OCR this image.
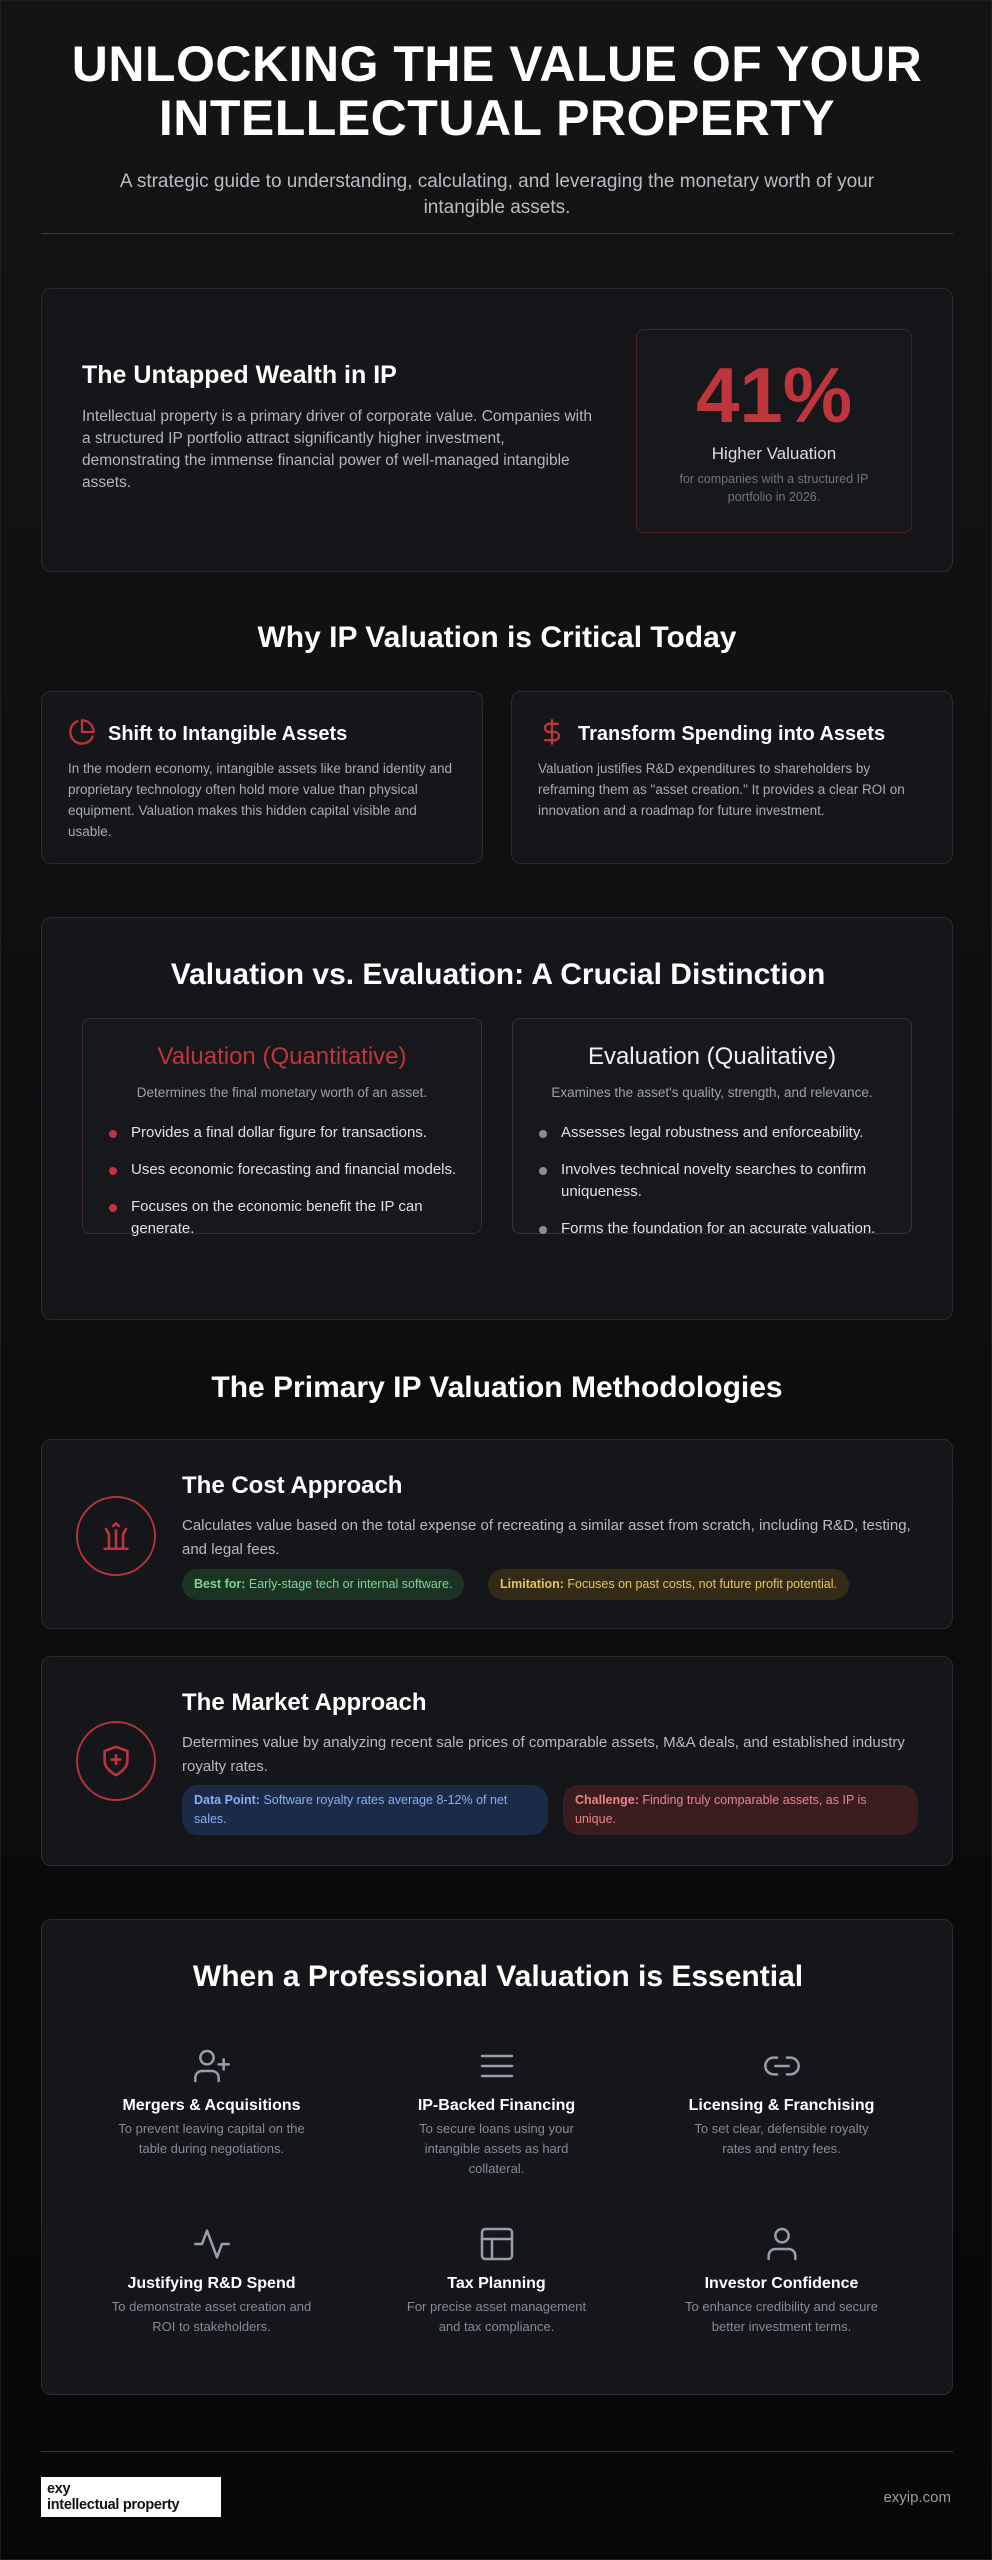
UNLOCKING THE VALUE OF YOUR
INTELLECTUAL PROPERTY

A strategic guide to understanding, calculating, and leveraging the monetary worth of your intangible assets.

The Untapped Wealth in IP

Intellectual property is a primary driver of corporate value. Companies with a structured IP portfolio attract significantly higher investment, demonstrating the immense financial power of well-managed intangible assets.

41%
Higher Valuation
for companies with a structured IP portfolio in 2026.
Why IP Valuation is Critical Today
Shift to Intangible Assets

In the modern economy, intangible assets like brand identity and proprietary technology often hold more value than physical equipment. Valuation makes this hidden capital visible and usable.

Transform Spending into Assets

Valuation justifies R&D expenditures to shareholders by reframing them as "asset creation." It provides a clear ROI on innovation and a roadmap for future investment.

Valuation vs. Evaluation: A Crucial Distinction
Valuation (Quantitative)
Determines the final monetary worth of an asset.
Provides a final dollar figure for transactions.
Uses economic forecasting and financial models.
Focuses on the economic benefit the IP can generate.
Evaluation (Qualitative)
Examines the asset's quality, strength, and relevance.
Assesses legal robustness and enforceability.
Involves technical novelty searches to confirm uniqueness.
Forms the foundation for an accurate valuation.
The Primary IP Valuation Methodologies
The Cost Approach

Calculates value based on the total expense of recreating a similar asset from scratch, including R&D, testing, and legal fees.

Best for: Early-stage tech or internal software.	Limitation: Focuses on past costs, not future profit potential.
The Market Approach

Determines value by analyzing recent sale prices of comparable assets, M&A deals, and established industry royalty rates.

Data Point: Software royalty rates average 8-12% of net sales.
Challenge: Finding truly comparable assets, as IP is unique.
When a Professional Valuation is Essential
Mergers & Acquisitions

To prevent leaving capital on the table during negotiations.

IP-Backed Financing

To secure loans using your intangible assets as hard collateral.

Licensing & Franchising

To set clear, defensible royalty rates and entry fees.

Justifying R&D Spend

To demonstrate asset creation and ROI to stakeholders.

Tax Planning

For precise asset management and tax compliance.

Investor Confidence

To enhance credibility and secure better investment terms.

exy
intellectual property	exyip.com
